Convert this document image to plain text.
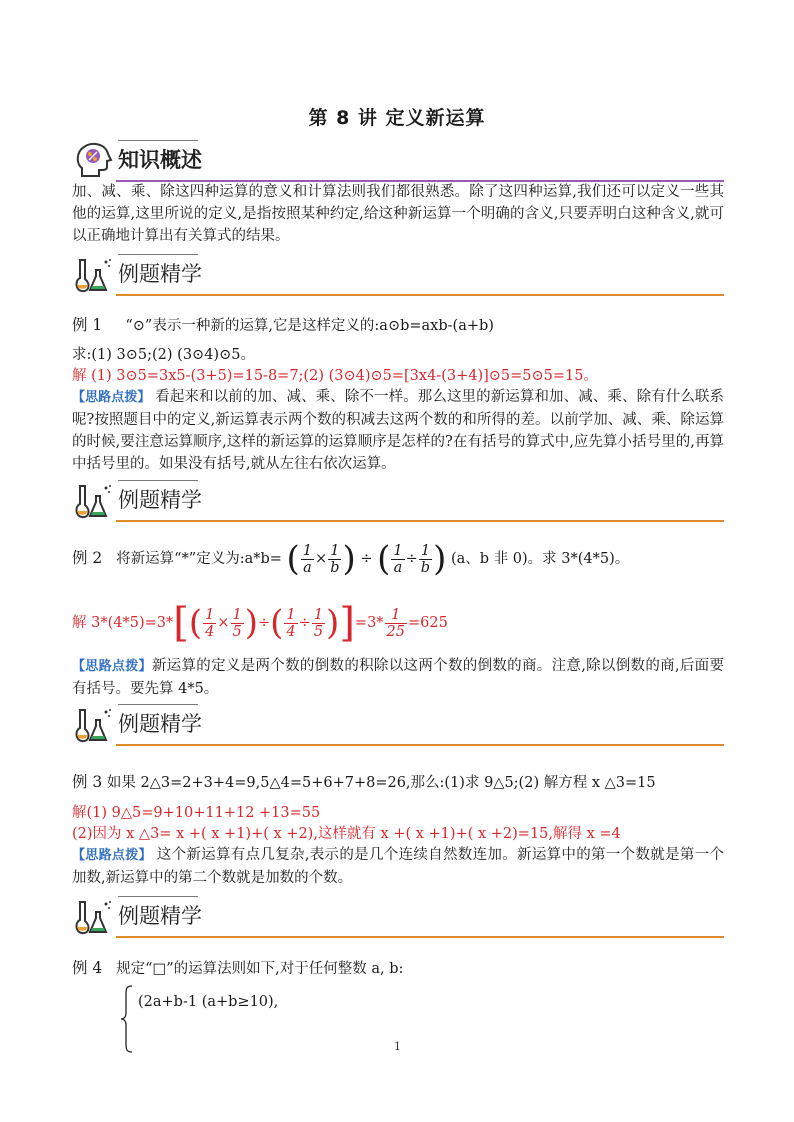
第 8 讲 定义新运算
知识概述
加、减、乘、除这四种运算的意义和计算法则我们都很熟悉。除了这四种运算,我们还可以定义一些其他的运算,这里所说的定义,是指按照某种约定,给这种新运算一个明确的含义,只要弄明白这种含义,就可以正确地计算出有关算式的结果。
例题精学
例 1 “⊙”表示一种新的运算,它是这样定义的:a⊙b=axb-(a+b)
求:(1) 3⊙5;(2) (3⊙4)⊙5。
解 (1) 3⊙5=3x5-(3+5)=15-8=7;(2) (3⊙4)⊙5=[3x4-(3+4)]⊙5=5⊙5=15。
【思路点拨】 看起来和以前的加、减、乘、除不一样。那么这里的新运算和加、减、乘、除有什么联系呢?按照题目中的定义,新运算表示两个数的积减去这两个数的和所得的差。以前学加、减、乘、除运算的时候,要注意运算顺序,这样的新运算的运算顺序是怎样的?在有括号的算式中,应先算小括号里的,再算中括号里的。如果没有括号,就从左往右依次运算。
例题精学
例 2 将新运算“*”定义为:a*b= ( $\frac{1}{a} \times \frac{1}{b}$ ) ÷ ( $\frac{1}{a} \div \frac{1}{b}$ ) (a、b 非 0)。求 3*(4*5)。
解 $3*(4*5)=3*[( \frac{1}{4} \times \frac{1}{5}$ )÷( $\frac{1}{4} \div \frac{1}{5} )]=3* \frac{1}{25} =625$
【思路点拨】新运算的定义是两个数的倒数的积除以这两个数的倒数的商。注意,除以倒数的商,后面要有括号。要先算 4*5。
例题精学
例 3 如果 2△3=2+3+4=9,5△4=5+6+7+8=26,那么:(1)求 9△5;(2) 解方程 x △3=15
解(1) 9△5=9+10+11+12 +13=55
(2)因为 x △3= x +( x +1)+( x +2),这样就有 x +( x +1)+( x +2)=15,解得 x =4
【思路点拨】 这个新运算有点几复杂,表示的是几个连续自然数连加。新运算中的第一个数就是第一个加数,新运算中的第二个数就是加数的个数。
例题精学
例 4 规定“□”的运算法则如下,对于任何整数 a, b:
(2a+b-1 (a+b≥10),
1
